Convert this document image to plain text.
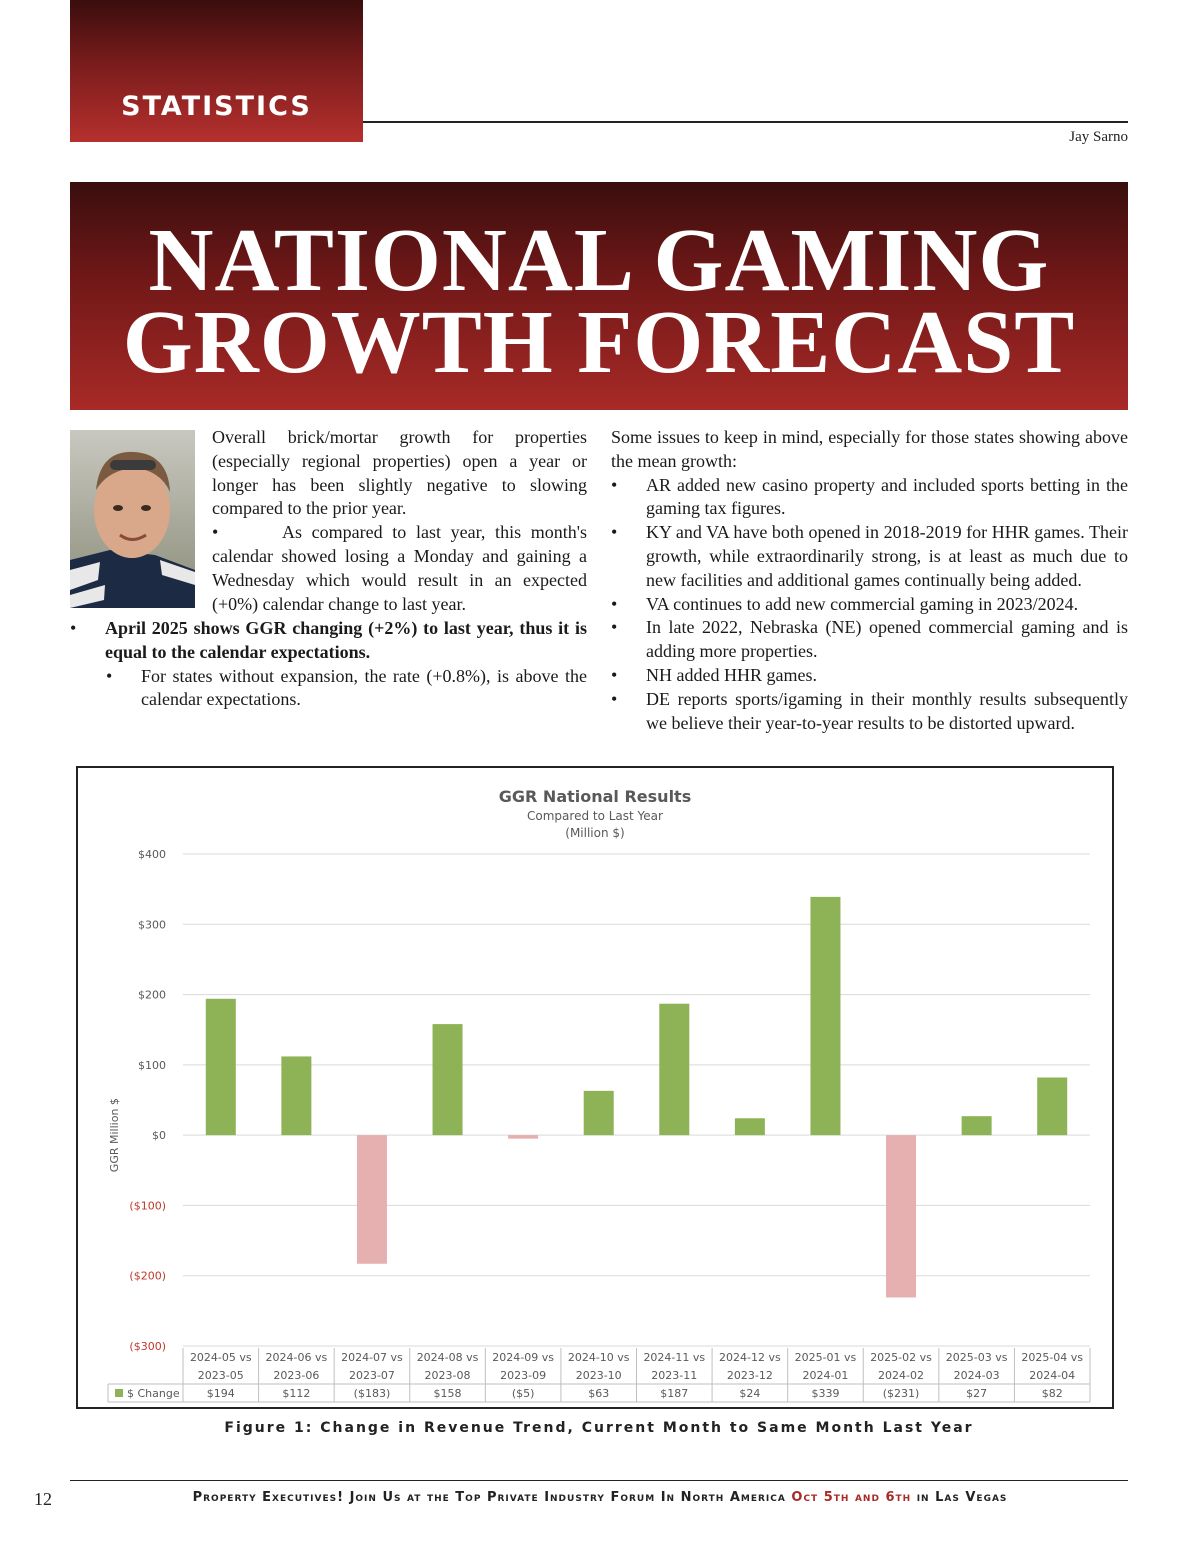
STATISTICS
Jay Sarno
NATIONAL GAMING
GROWTH FORECAST

Overall brick/mortar growth for properties (especially regional properties) open a year or longer has been slightly negative to slowing compared to the prior year.

•	As compared to last year, this month's calendar showed losing a Monday and gaining a Wednesday which would result in an expected (+0%) calendar change to last year.

• April 2025 shows GGR changing (+2%) to last year, thus it is equal to the calendar expectations.
• For states without expansion, the rate (+0.8%), is above the calendar expectations.

Some issues to keep in mind, especially for those states showing above the mean growth:

• AR added new casino property and included sports betting in the gaming tax figures.
• KY and VA have both opened in 2018-2019 for HHR games. Their growth, while extraordinarily strong, is at least as much due to new facilities and additional games continually being added.
• VA continues to add new commercial gaming in 2023/2024.
• In late 2022, Nebraska (NE) opened commercial gaming and is adding more properties.
• NH added HHR games.
• DE reports sports/igaming in their monthly results subsequently we believe their year-to-year results to be distorted upward.
GGR National Results
Compared to Last Year
(Million $)
$400
$300
$200
$100
$0
($100)
($200)
($300)
GGR Million $
$ Change
2024-05 vs
2023-05
$194
2024-06 vs
2023-06
$112
2024-07 vs
2023-07
($183)
2024-08 vs
2023-08
$158
2024-09 vs
2023-09
($5)
2024-10 vs
2023-10
$63
2024-11 vs
2023-11
$187
2024-12 vs
2023-12
$24
2025-01 vs
2024-01
$339
2025-02 vs
2024-02
($231)
2025-03 vs
2024-03
$27
2025-04 vs
2024-04
$82
Figure 1: Change in Revenue Trend, Current Month to Same Month Last Year
12	Property Executives! Join Us at the Top Private Industry Forum In North America Oct 5th and 6th in Las Vegas
